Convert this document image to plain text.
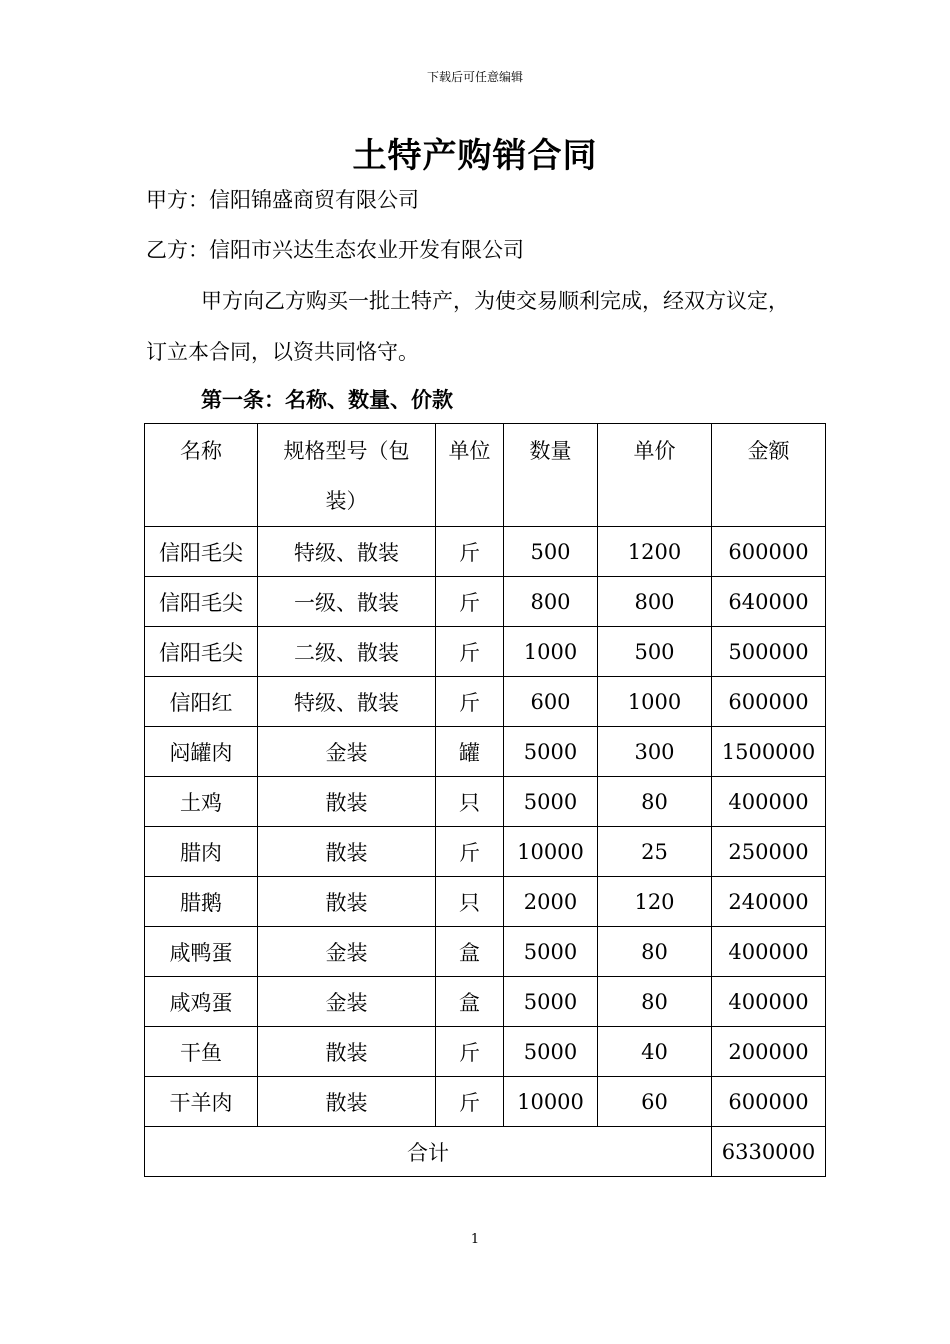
下载后可任意编辑
土特产购销合同
甲方：信阳锦盛商贸有限公司
乙方：信阳市兴达生态农业开发有限公司
甲方向乙方购买一批土特产，为使交易顺利完成，经双方议定，
订立本合同，以资共同恪守。
第一条：名称、数量、价款
名称	规格型号（包装）	单位	数量	单价	金额
信阳毛尖	特级、散装	斤	500	1200	600000
信阳毛尖	一级、散装	斤	800	800	640000
信阳毛尖	二级、散装	斤	1000	500	500000
信阳红	特级、散装	斤	600	1000	600000
闷罐肉	金装	罐	5000	300	1500000
土鸡	散装	只	5000	80	400000
腊肉	散装	斤	10000	25	250000
腊鹅	散装	只	2000	120	240000
咸鸭蛋	金装	盒	5000	80	400000
咸鸡蛋	金装	盒	5000	80	400000
干鱼	散装	斤	5000	40	200000
干羊肉	散装	斤	10000	60	600000
合计					6330000
1
